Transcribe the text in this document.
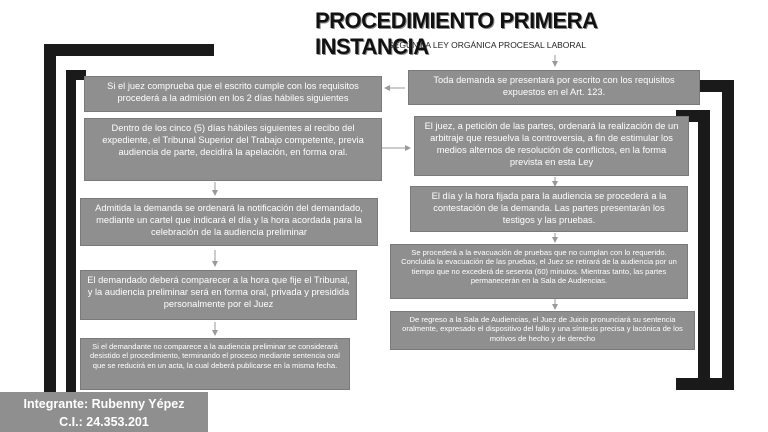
PROCEDIMIENTO PRIMERA INSTANCIA
SEGÚN LA LEY ORGÁNICA PROCESAL LABORAL
Si el juez comprueba que el escrito cumple con los requisitos procederá a la admisión en los 2 días hábiles siguientes
Dentro de los cinco (5) días hábiles siguientes al recibo del expediente, el Tribunal Superior del Trabajo competente, previa audiencia de parte, decidirá la apelación, en forma oral.
Admitida la demanda se ordenará la notificación del demandado, mediante un cartel que indicará el día y la hora acordada para la celebración de la audiencia preliminar
El demandado deberá comparecer a la hora que fije el Tribunal, y la audiencia preliminar será en forma oral, privada y presidida personalmente por el Juez
Si el demandante no comparece a la audiencia preliminar se considerará desistido el procedimiento, terminando el proceso mediante sentencia oral que se reducirá en un acta, la cual deberá publicarse en la misma fecha.
Toda demanda se presentará por escrito con los requisitos expuestos en el Art. 123.
El juez, a petición de las partes, ordenará la realización de un arbitraje que resuelva la controversia, a fin de estimular los medios alternos de resolución de conflictos, en la forma prevista en esta Ley
El día y la hora fijada para la audiencia se procederá a la contestación de la demanda. Las partes presentarán los testigos y las pruebas.
Se procederá a la evacuación de pruebas que no cumplan con lo requerido. Concluida la evacuación de las pruebas, el Juez se retirará de la audiencia por un tiempo que no excederá de sesenta (60) minutos. Mientras tanto, las partes permanecerán en la Sala de Audiencias.
De regreso a la Sala de Audiencias, el Juez de Juicio pronunciará su sentencia oralmente, expresado el dispositivo del fallo y una síntesis precisa y lacónica de los motivos de hecho y de derecho
Integrante: Rubenny Yépez
C.I.: 24.353.201
